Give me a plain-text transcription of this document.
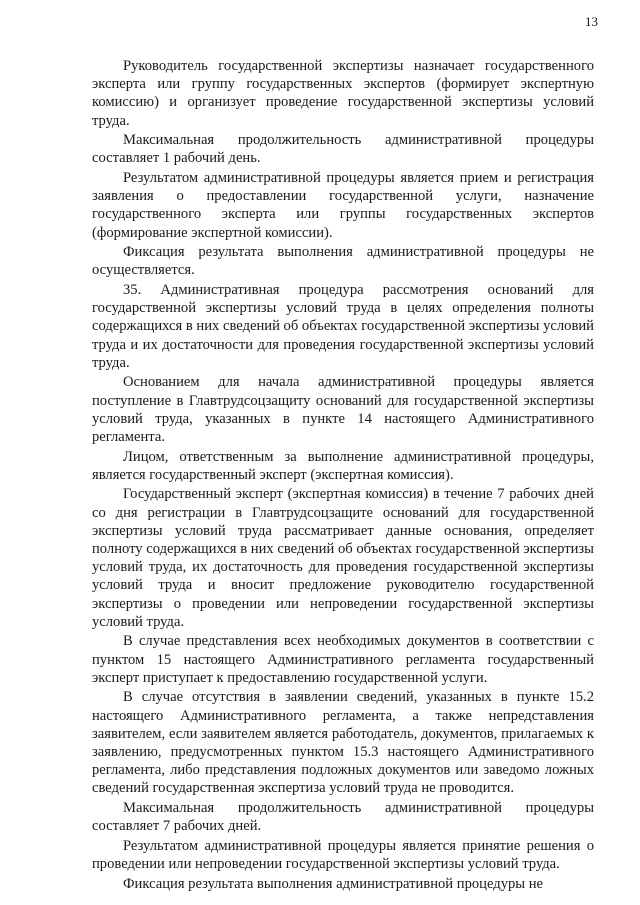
13

Руководитель государственной экспертизы назначает государственного эксперта или группу государственных экспертов (формирует экспертную комиссию) и организует проведение государственной экспертизы условий труда.

Максимальная продолжительность административной процедуры составляет 1 рабочий день.

Результатом административной процедуры является прием и регистрация заявления о предоставлении государственной услуги, назначение государственного эксперта или группы государственных экспертов (формирование экспертной комиссии).

Фиксация результата выполнения административной процедуры не осуществляется.

35. Административная процедура рассмотрения оснований для государственной экспертизы условий труда в целях определения полноты содержащихся в них сведений об объектах государственной экспертизы условий труда и их достаточности для проведения государственной экспертизы условий труда.

Основанием для начала административной процедуры является поступление в Главтрудсоцзащиту оснований для государственной экспертизы условий труда, указанных в пункте 14 настоящего Административного регламента.

Лицом, ответственным за выполнение административной процедуры, является государственный эксперт (экспертная комиссия).

Государственный эксперт (экспертная комиссия) в течение 7 рабочих дней со дня регистрации в Главтрудсоцзащите оснований для государственной экспертизы условий труда рассматривает данные основания, определяет полноту содержащихся в них сведений об объектах государственной экспертизы условий труда, их достаточность для проведения государственной экспертизы условий труда и вносит предложение руководителю государственной экспертизы о проведении или непроведении государственной экспертизы условий труда.

В случае представления всех необходимых документов в соответствии с пунктом 15 настоящего Административного регламента государственный эксперт приступает к предоставлению государственной услуги.

В случае отсутствия в заявлении сведений, указанных в пункте 15.2 настоящего Административного регламента, а также непредставления заявителем, если заявителем является работодатель, документов, прилагаемых к заявлению, предусмотренных пунктом 15.3 настоящего Административного регламента, либо представления подложных документов или заведомо ложных сведений государственная экспертиза условий труда не проводится.

Максимальная продолжительность административной процедуры составляет 7 рабочих дней.

Результатом административной процедуры является принятие решения о проведении или непроведении государственной экспертизы условий труда.

Фиксация результата выполнения административной процедуры не
